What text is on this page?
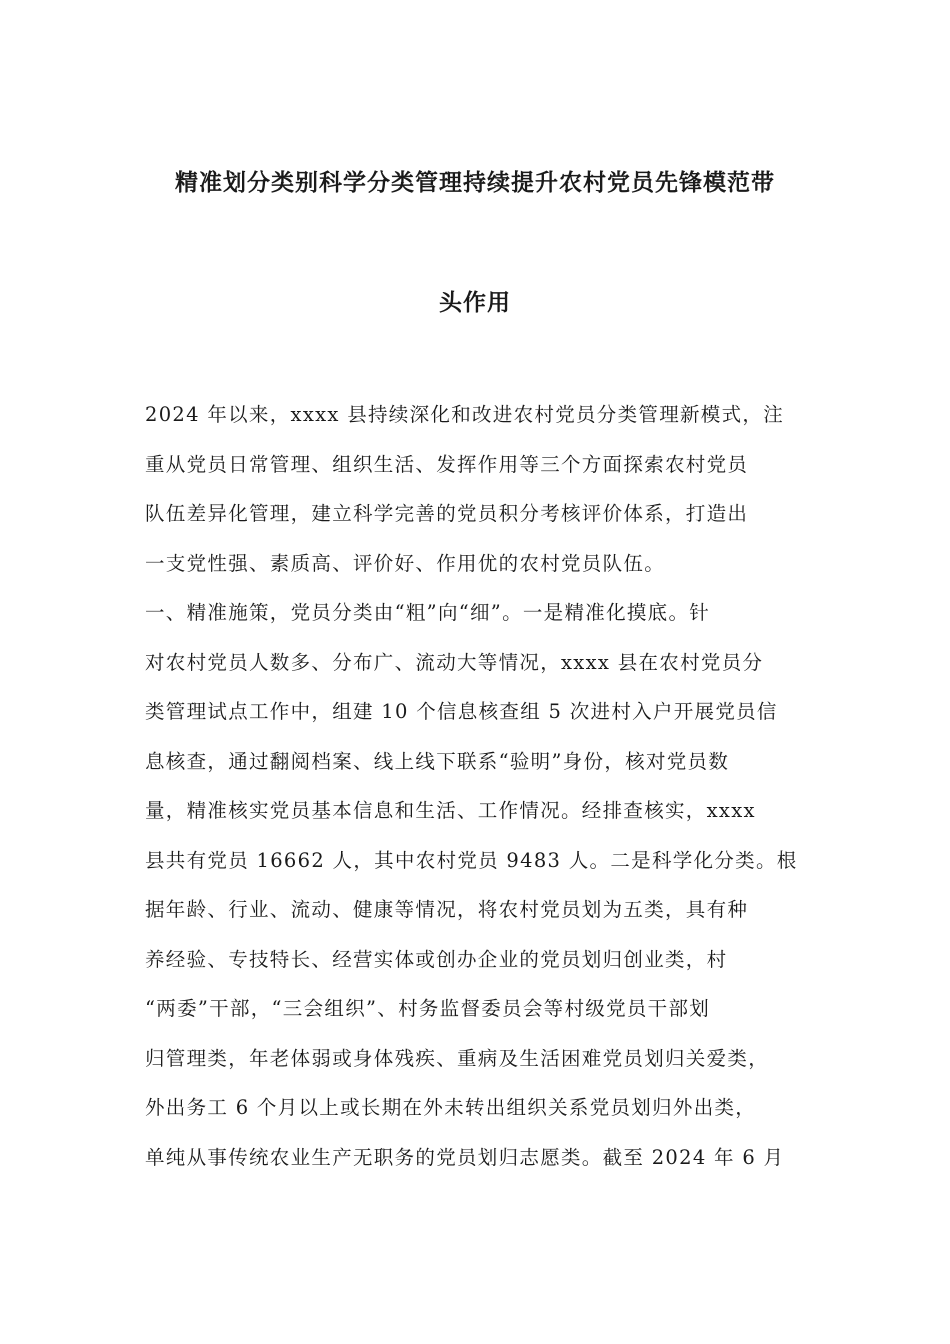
精准划分类别科学分类管理持续提升农村党员先锋模范带
头作用
2024 年以来，xxxx 县持续深化和改进农村党员分类管理新模式，注
重从党员日常管理、组织生活、发挥作用等三个方面探索农村党员
队伍差异化管理，建立科学完善的党员积分考核评价体系，打造出
一支党性强、素质高、评价好、作用优的农村党员队伍。
一、精准施策，党员分类由“粗”向“细”。一是精准化摸底。针
对农村党员人数多、分布广、流动大等情况，xxxx 县在农村党员分
类管理试点工作中，组建 10 个信息核查组 5 次进村入户开展党员信
息核查，通过翻阅档案、线上线下联系“验明”身份，核对党员数
量，精准核实党员基本信息和生活、工作情况。经排查核实，xxxx
县共有党员 16662 人，其中农村党员 9483 人。二是科学化分类。根
据年龄、行业、流动、健康等情况，将农村党员划为五类，具有种
养经验、专技特长、经营实体或创办企业的党员划归创业类，村
“两委”干部，“三会组织”、村务监督委员会等村级党员干部划
归管理类，年老体弱或身体残疾、重病及生活困难党员划归关爱类，
外出务工 6 个月以上或长期在外未转出组织关系党员划归外出类，
单纯从事传统农业生产无职务的党员划归志愿类。截至 2024 年 6 月
